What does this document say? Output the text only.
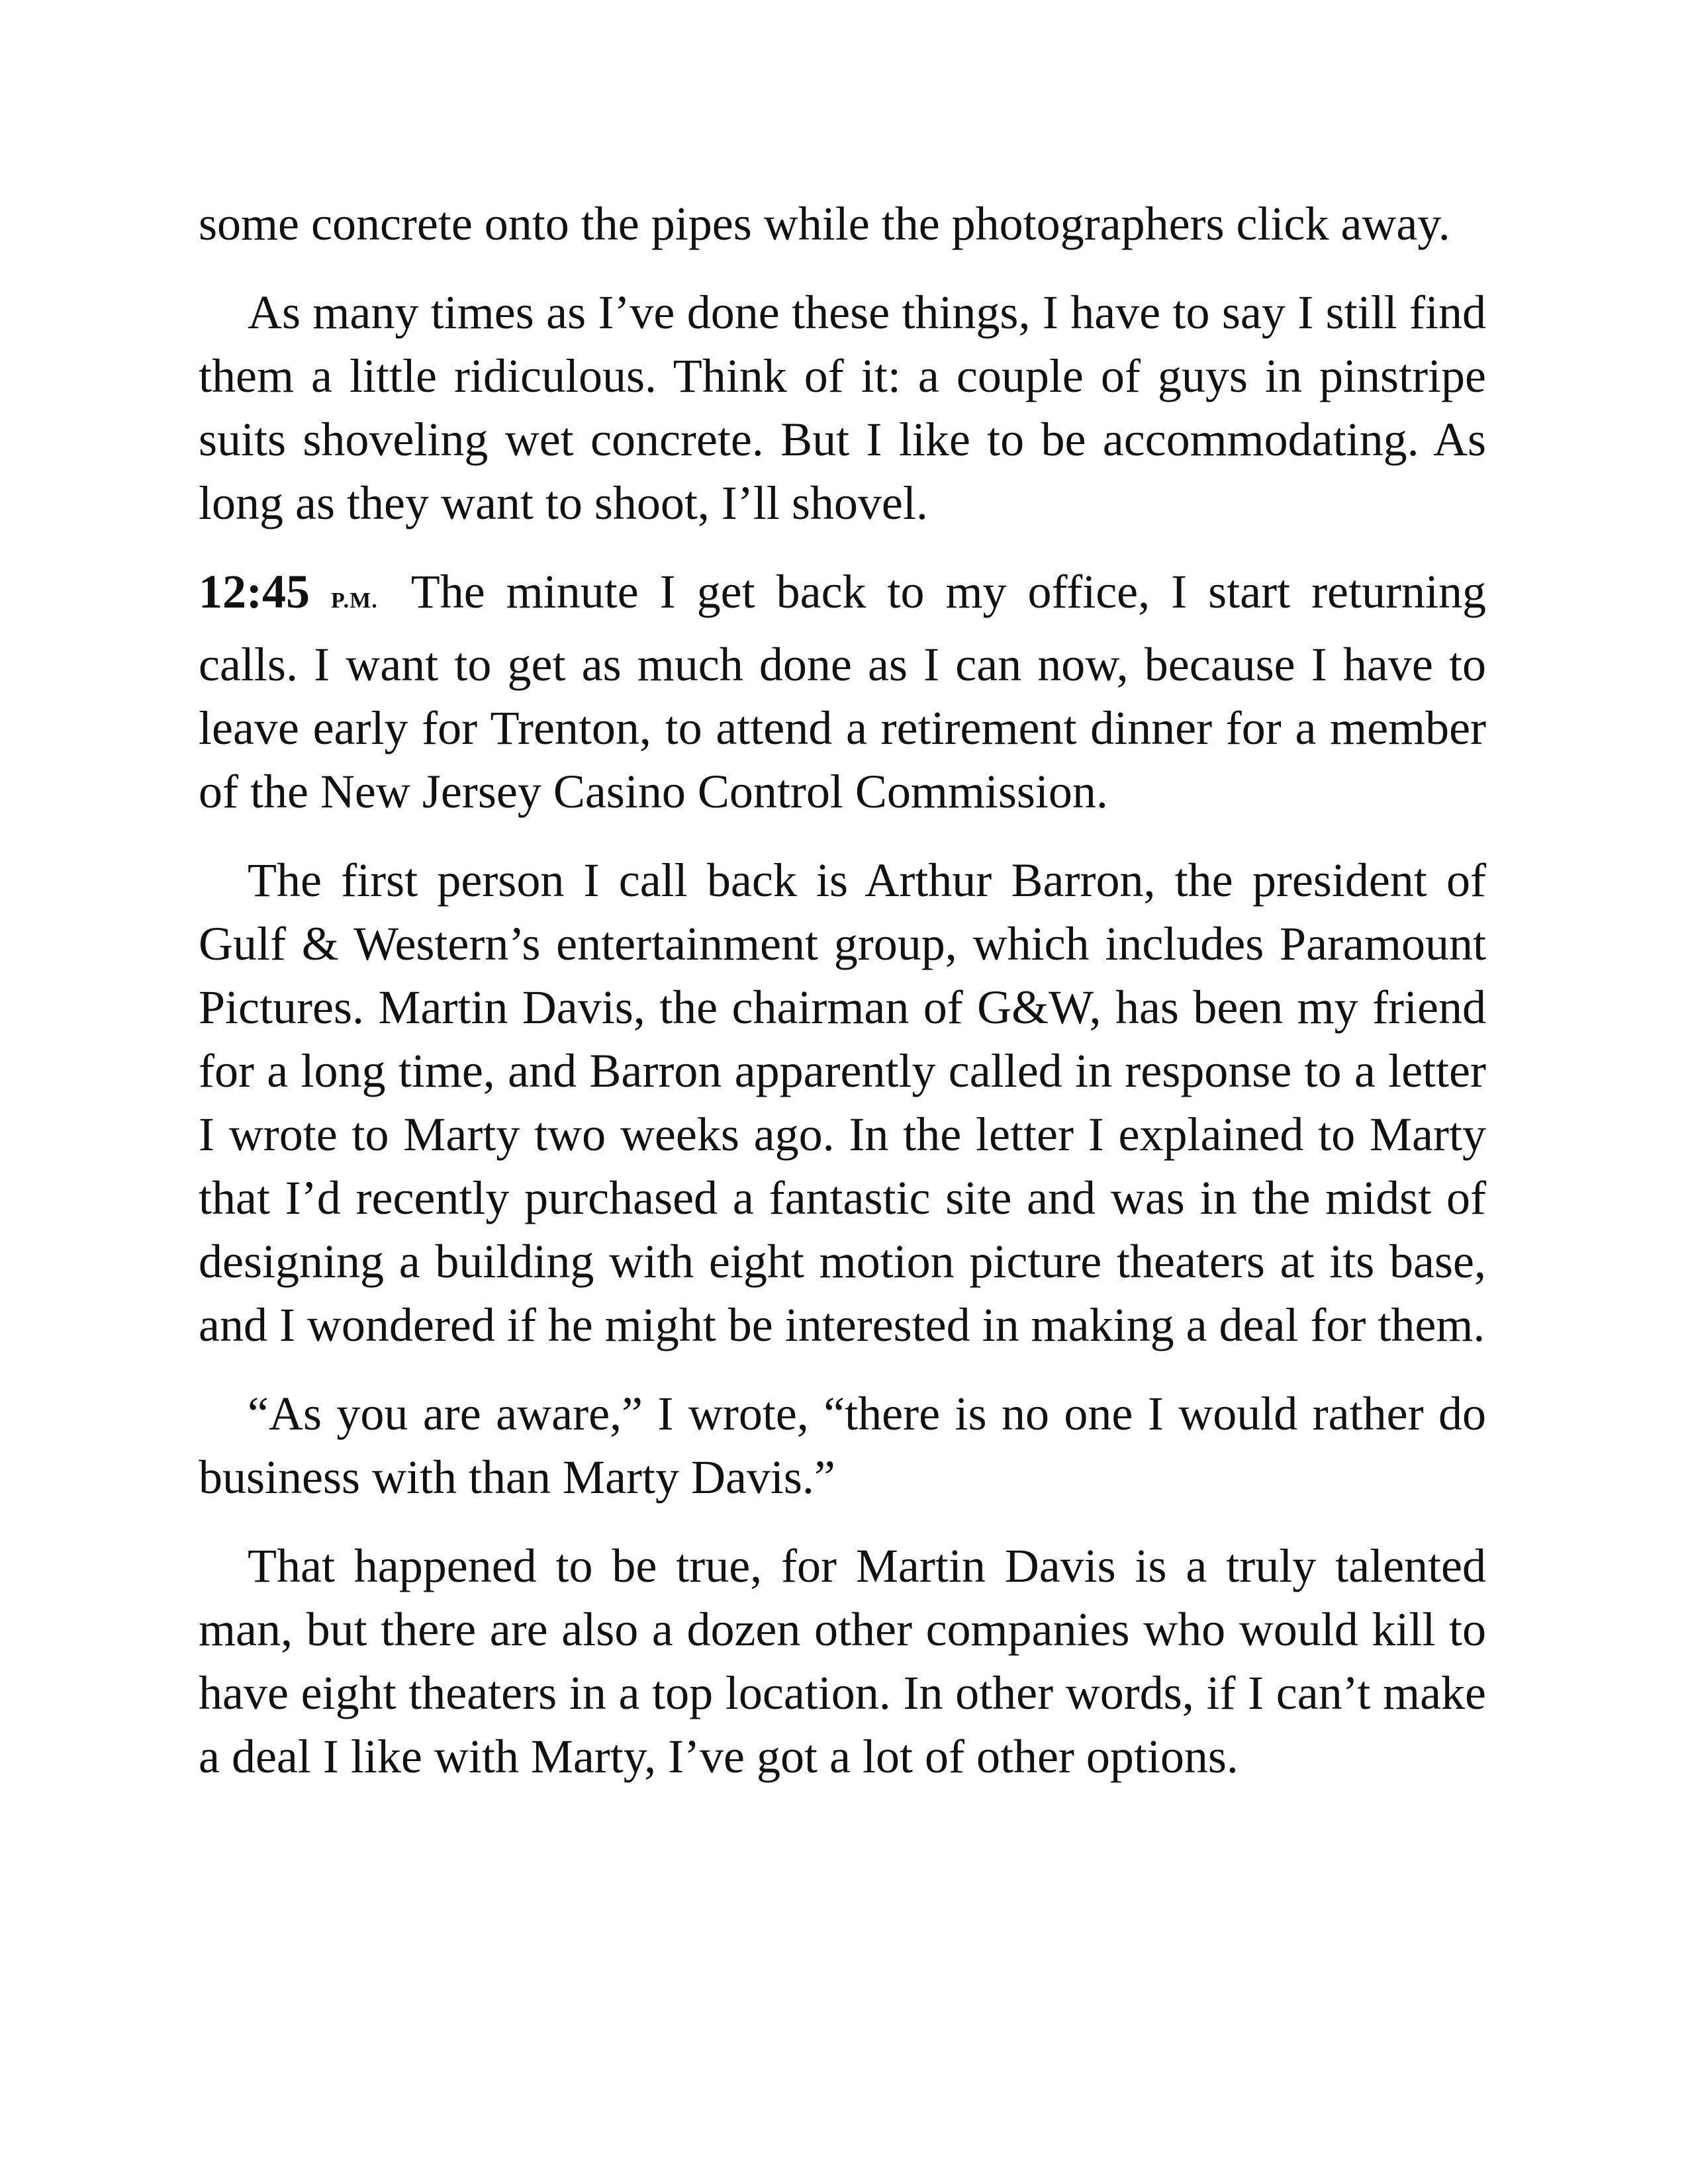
some concrete onto the pipes while the photographers click away.

As many times as I’ve done these things, I have to say I still find them a little ridiculous. Think of it: a couple of guys in pinstripe suits shoveling wet concrete. But I like to be accommodating. As long as they want to shoot, I’ll shovel.

12:45 P.M. The minute I get back to my office, I start returning calls. I want to get as much done as I can now, because I have to leave early for Trenton, to attend a retirement dinner for a member of the New Jersey Casino Control Commission.

The first person I call back is Arthur Barron, the president of Gulf & Western’s entertainment group, which includes Paramount Pictures. Martin Davis, the chairman of G&W, has been my friend for a long time, and Barron apparently called in response to a letter I wrote to Marty two weeks ago. In the letter I explained to Marty that I’d recently purchased a fantastic site and was in the midst of designing a building with eight motion picture theaters at its base, and I wondered if he might be interested in making a deal for them.

“As you are aware,” I wrote, “there is no one I would rather do business with than Marty Davis.”

That happened to be true, for Martin Davis is a truly talented man, but there are also a dozen other companies who would kill to have eight theaters in a top location. In other words, if I can’t make a deal I like with Marty, I’ve got a lot of other options.
